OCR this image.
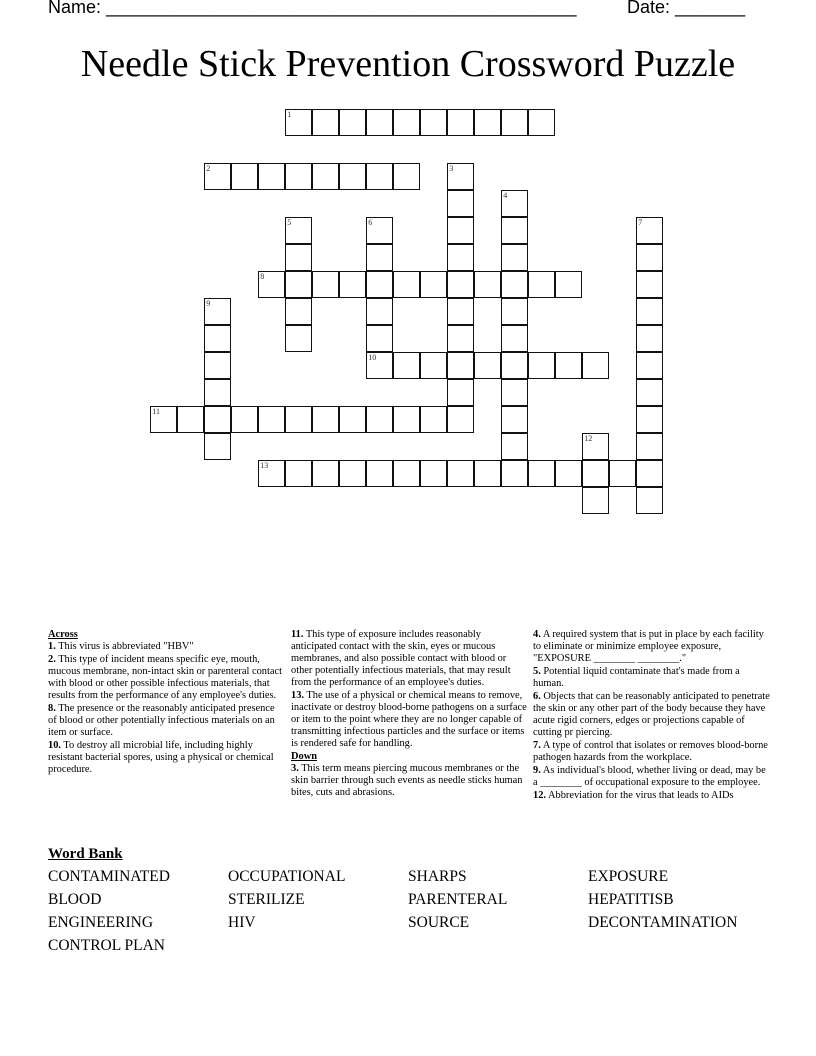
Name: _______________________________________________	Date: _______
Needle Stick Prevention Crossword Puzzle
1
2	3
4
5	6
10
7
8
9
11
12
13
Across
1. This virus is abbreviated "HBV"
2. This type of incident means specific eye, mouth, mucous membrane, non-intact skin or parenteral contact with blood or other possible infectious materials, that results from the performance of any employee's duties.
8. The presence or the reasonably anticipated presence of blood or other potentially infectious materials on an item or surface.
10. To destroy all microbial life, including highly resistant bacterial spores, using a physical or chemical procedure.
11. This type of exposure includes reasonably anticipated contact with the skin, eyes or mucous membranes, and also possible contact with blood or other potentially infectious materials, that may result from the performance of an employee's duties.
13. The use of a physical or chemical means to remove, inactivate or destroy blood-borne pathogens on a surface or item to the point where they are no longer capable of transmitting infectious particles and the surface or items is rendered safe for handling.
Down
3. This term means piercing mucous membranes or the skin barrier through such events as needle sticks human bites, cuts and abrasions.
4. A required system that is put in place by each facility to eliminate or minimize employee exposure, "EXPOSURE ________ ________."
5. Potential liquid contaminate that's made from a human.
6. Objects that can be reasonably anticipated to penetrate the skin or any other part of the body because they have acute rigid corners, edges or projections capable of cutting pr piercing.
7. A type of control that isolates or removes blood-borne pathogen hazards from the workplace.
9. As individual's blood, whether living or dead, may be a ________ of occupational exposure to the employee.
12. Abbreviation for the virus that leads to AIDs
Word Bank
CONTAMINATED	OCCUPATIONAL	SHARPS	EXPOSURE
BLOOD	STERILIZE	PARENTERAL	HEPATITISB
ENGINEERING	HIV	SOURCE	DECONTAMINATION
CONTROL PLAN
